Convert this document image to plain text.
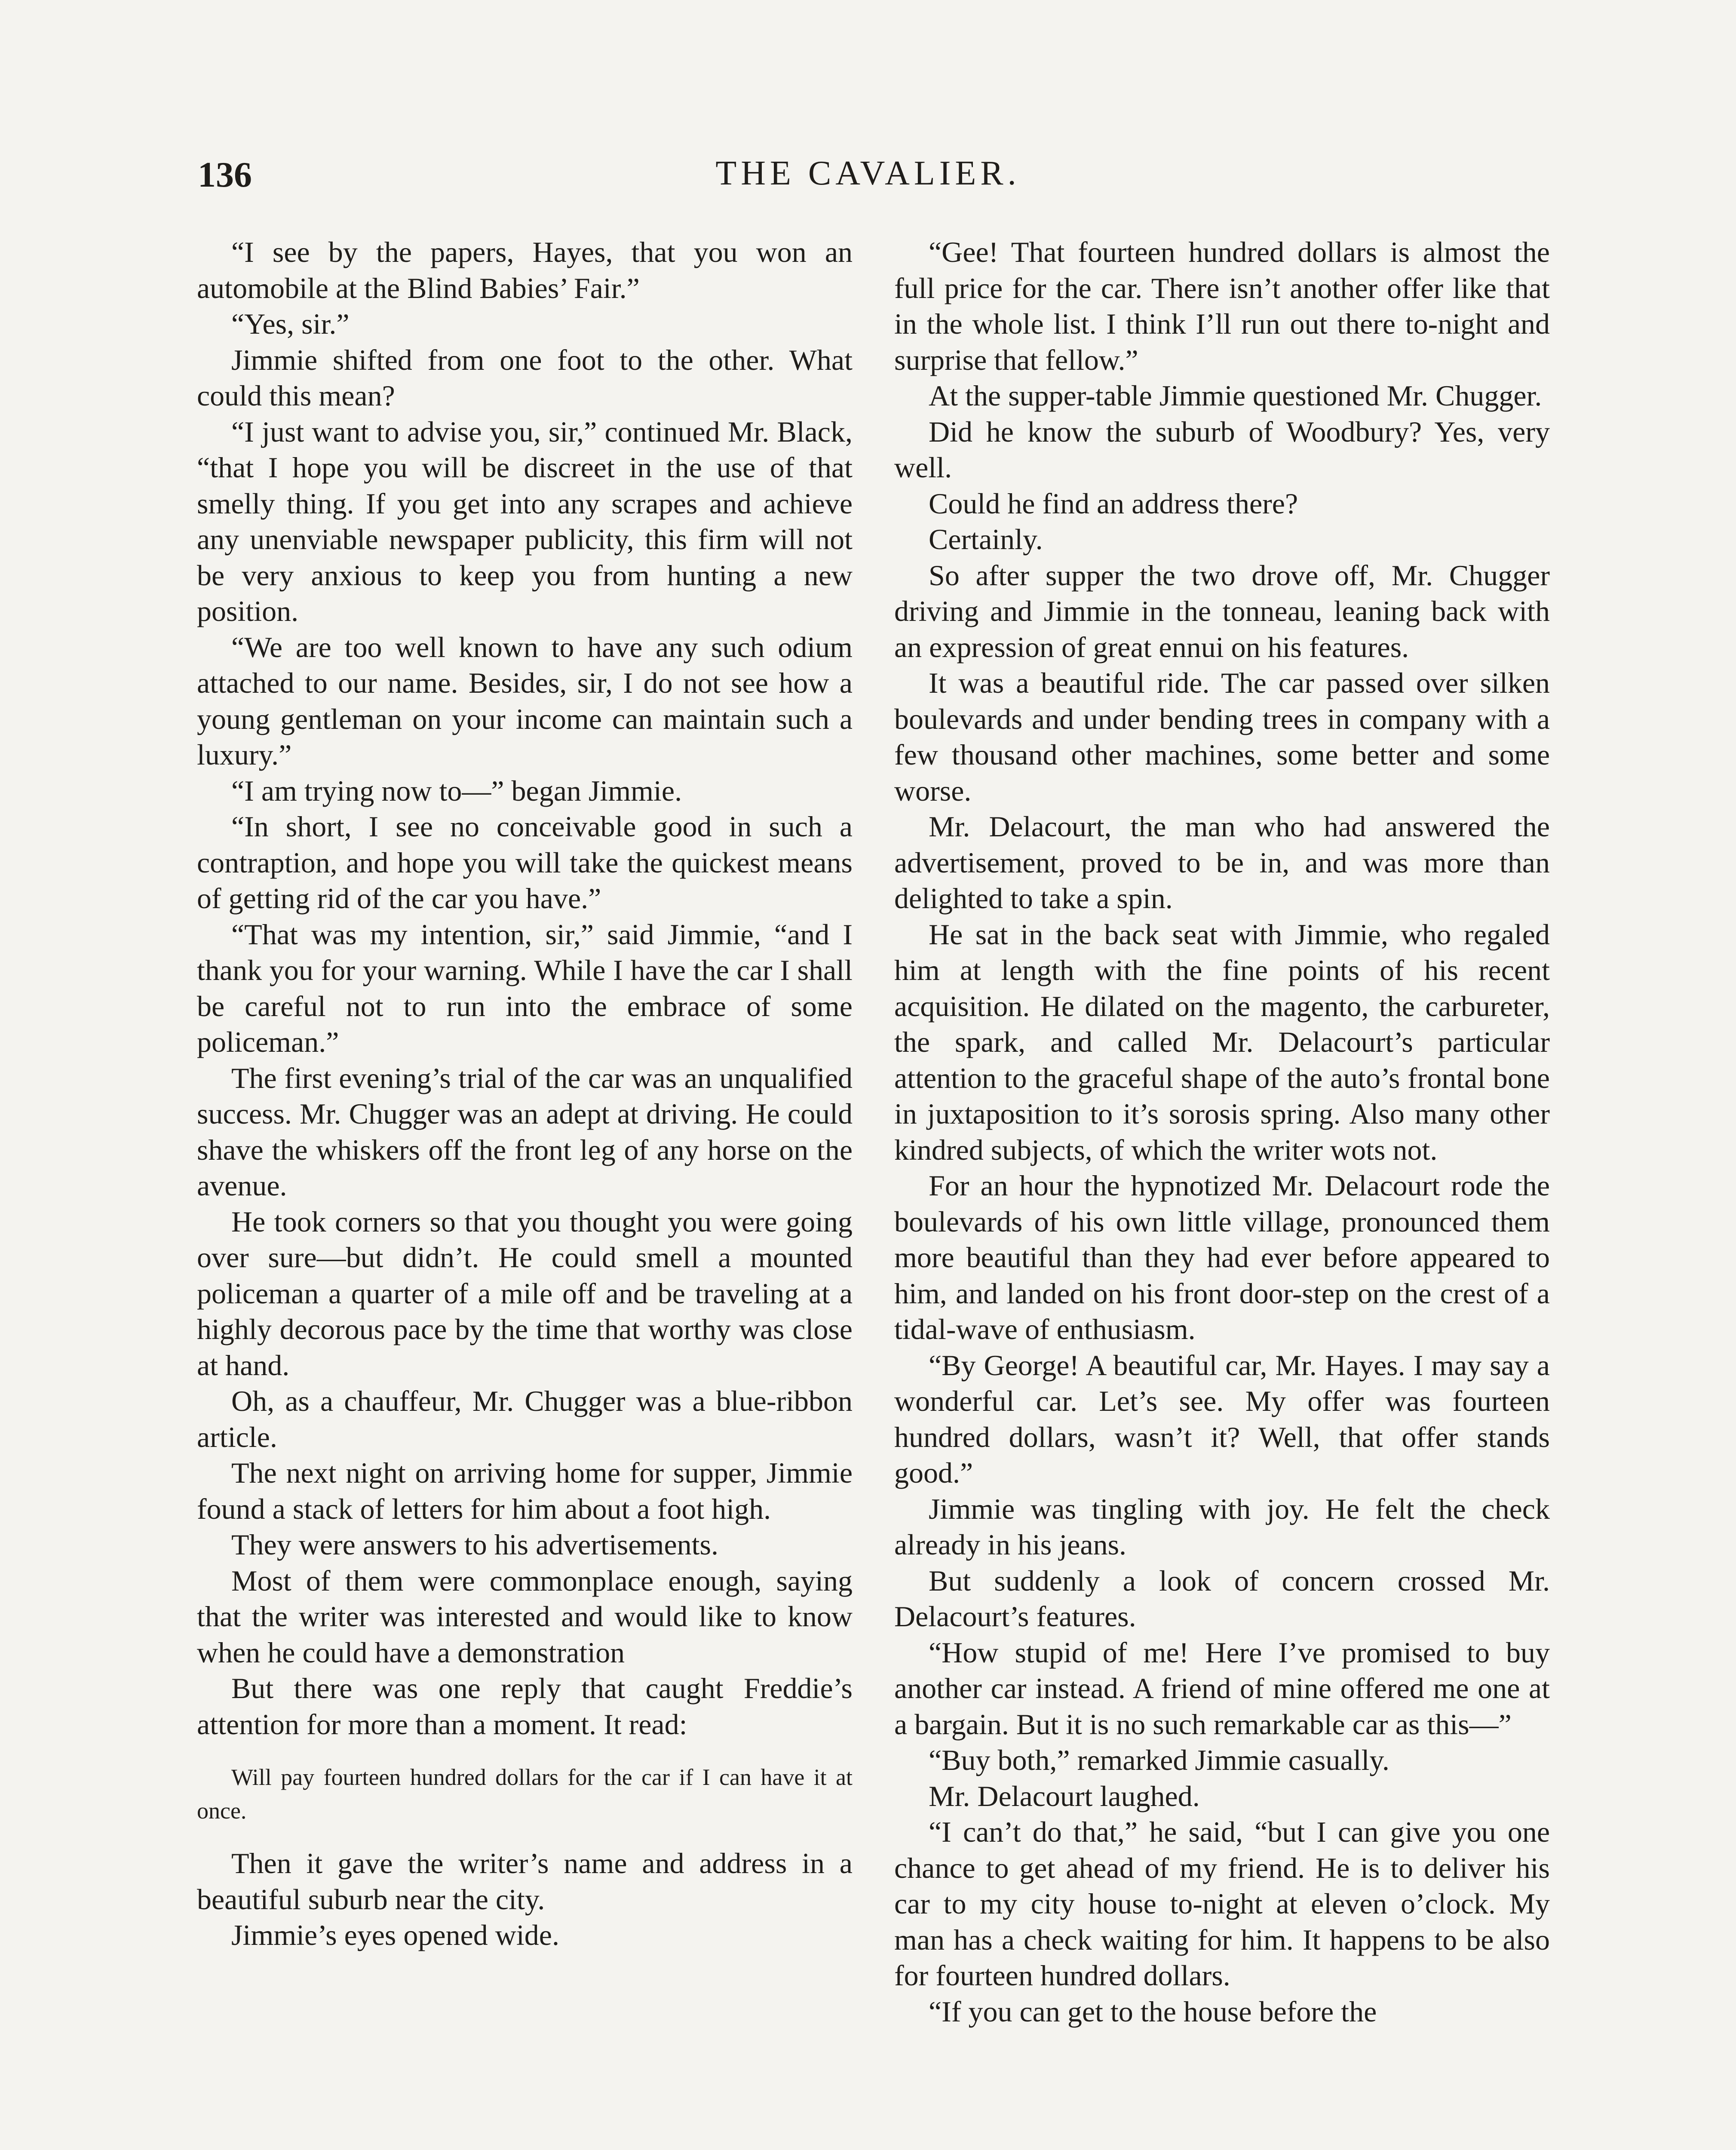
136	THE CAVALIER.

“I see by the papers, Hayes, that you won an automobile at the Blind Babies’ Fair.”

“Yes, sir.”

Jimmie shifted from one foot to the other. What could this mean?

“I just want to advise you, sir,” continued Mr. Black, “that I hope you will be discreet in the use of that smelly thing. If you get into any scrapes and achieve any unenviable newspaper publicity, this firm will not be very anxious to keep you from hunting a new position.

“We are too well known to have any such odium attached to our name. Besides, sir, I do not see how a young gentleman on your income can maintain such a luxury.”

“I am trying now to—” began Jimmie.

“In short, I see no conceivable good in such a contraption, and hope you will take the quickest means of getting rid of the car you have.”

“That was my intention, sir,” said Jimmie, “and I thank you for your warning. While I have the car I shall be careful not to run into the embrace of some policeman.”

The first evening’s trial of the car was an unqualified success. Mr. Chugger was an adept at driving. He could shave the whiskers off the front leg of any horse on the avenue.

He took corners so that you thought you were going over sure—but didn’t. He could smell a mounted policeman a quarter of a mile off and be traveling at a highly decorous pace by the time that worthy was close at hand.

Oh, as a chauffeur, Mr. Chugger was a blue-ribbon article.

The next night on arriving home for supper, Jimmie found a stack of letters for him about a foot high.

They were answers to his advertisements.

Most of them were commonplace enough, saying that the writer was interested and would like to know when he could have a demonstration

But there was one reply that caught Freddie’s attention for more than a moment. It read:

Will pay fourteen hundred dollars for the car if I can have it at once.

Then it gave the writer’s name and address in a beautiful suburb near the city.

Jimmie’s eyes opened wide.

“Gee! That fourteen hundred dollars is almost the full price for the car. There isn’t another offer like that in the whole list. I think I’ll run out there to-night and surprise that fellow.”

At the supper-table Jimmie questioned Mr. Chugger.

Did he know the suburb of Woodbury? Yes, very well.

Could he find an address there?

Certainly.

So after supper the two drove off, Mr. Chugger driving and Jimmie in the tonneau, leaning back with an expression of great ennui on his features.

It was a beautiful ride. The car passed over silken boulevards and under bending trees in company with a few thousand other machines, some better and some worse.

Mr. Delacourt, the man who had answered the advertisement, proved to be in, and was more than delighted to take a spin.

He sat in the back seat with Jimmie, who regaled him at length with the fine points of his recent acquisition. He dilated on the magento, the carbureter, the spark, and called Mr. Delacourt’s particular attention to the graceful shape of the auto’s frontal bone in juxtaposition to it’s sorosis spring. Also many other kindred subjects, of which the writer wots not.

For an hour the hypnotized Mr. Delacourt rode the boulevards of his own little village, pronounced them more beautiful than they had ever before appeared to him, and landed on his front door-step on the crest of a tidal-wave of enthusiasm.

“By George! A beautiful car, Mr. Hayes. I may say a wonderful car. Let’s see. My offer was fourteen hundred dollars, wasn’t it? Well, that offer stands good.”

Jimmie was tingling with joy. He felt the check already in his jeans.

But suddenly a look of concern crossed Mr. Delacourt’s features.

“How stupid of me! Here I’ve promised to buy another car instead. A friend of mine offered me one at a bargain. But it is no such remarkable car as this—”

“Buy both,” remarked Jimmie casually.

Mr. Delacourt laughed.

“I can’t do that,” he said, “but I can give you one chance to get ahead of my friend. He is to deliver his car to my city house to-night at eleven o’clock. My man has a check waiting for him. It happens to be also for fourteen hundred dollars.

“If you can get to the house before the
